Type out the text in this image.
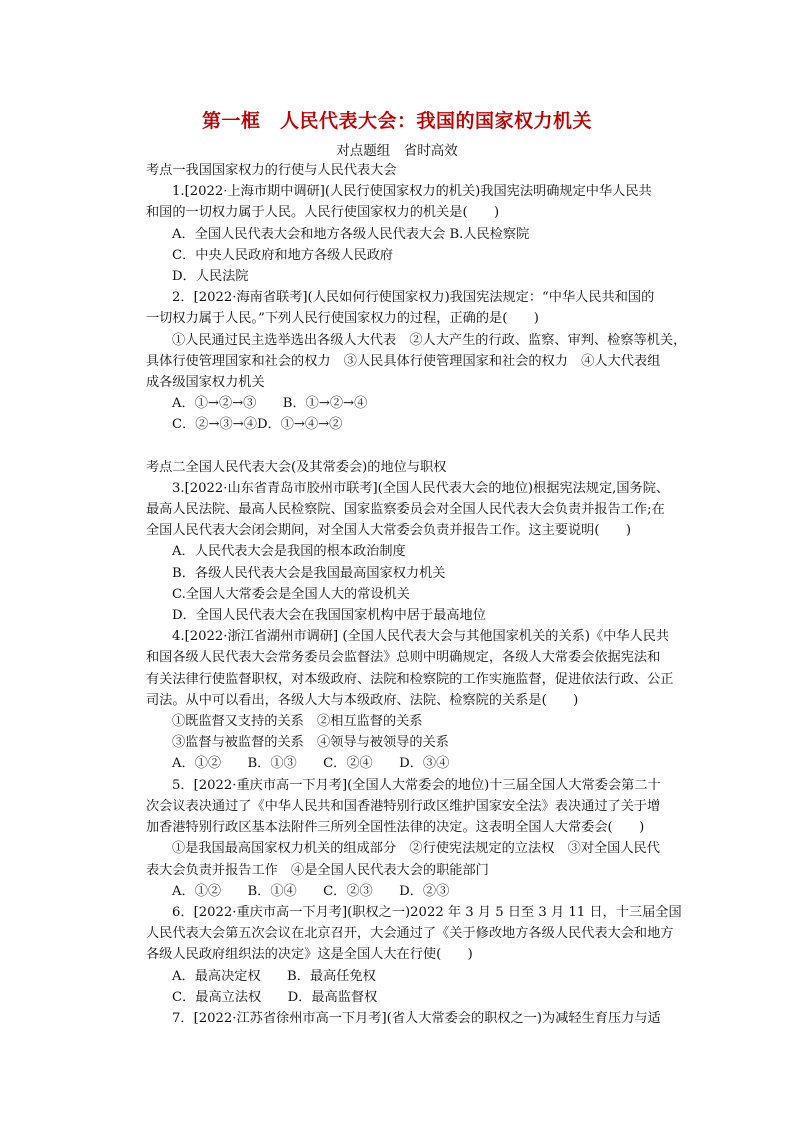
第一框　人民代表大会：我国的国家权力机关
对点题组　省时高效
考点一我国国家权力的行使与人民代表大会
1.[2022·上海市期中调研](人民行使国家权力的机关)我国宪法明确规定中华人民共
和国的一切权力属于人民。人民行使国家权力的机关是(　　)
A．全国人民代表大会和地方各级人民代表大会 B.人民检察院
C．中央人民政府和地方各级人民政府
D．人民法院
2．[2022·海南省联考](人民如何行使国家权力)我国宪法规定：“中华人民共和国的
一切权力属于人民。”下列人民行使国家权力的过程，正确的是(　　)
①人民通过民主选举选出各级人大代表　②人大产生的行政、监察、审判、检察等机关，
具体行使管理国家和社会的权力　③人民具体行使管理国家和社会的权力　④人大代表组
成各级国家权力机关
A．①→②→③　　B．①→②→④
C．②→③→④D．①→④→②
考点二全国人民代表大会(及其常委会)的地位与职权
3.[2022·山东省青岛市胶州市联考](全国人民代表大会的地位)根据宪法规定,国务院、
最高人民法院、最高人民检察院、国家监察委员会对全国人民代表大会负责并报告工作;在
全国人民代表大会闭会期间，对全国人大常委会负责并报告工作。这主要说明(　　)
A．人民代表大会是我国的根本政治制度
B．各级人民代表大会是我国最高国家权力机关
C.全国人大常委会是全国人大的常设机关
D．全国人民代表大会在我国国家机构中居于最高地位
4.[2022·浙江省湖州市调研] (全国人民代表大会与其他国家机关的关系)《中华人民共
和国各级人民代表大会常务委员会监督法》总则中明确规定，各级人大常委会依据宪法和
有关法律行使监督职权，对本级政府、法院和检察院的工作实施监督，促进依法行政、公正
司法。从中可以看出，各级人大与本级政府、法院、检察院的关系是(　　)
①既监督又支持的关系　②相互监督的关系
③监督与被监督的关系　④领导与被领导的关系
A．①②　　B．①③　　C．②④　　D．③④
5．[2022·重庆市高一下月考](全国人大常委会的地位)十三届全国人大常委会第二十
次会议表决通过了《中华人民共和国香港特别行政区维护国家安全法》表决通过了关于增
加香港特别行政区基本法附件三所列全国性法律的决定。这表明全国人大常委会(　　)
①是我国最高国家权力机关的组成部分　②行使宪法规定的立法权　③对全国人民代
表大会负责并报告工作　④是全国人民代表大会的职能部门
A．①②　　B．①④　　C．②③　　D．②③
6．[2022·重庆市高一下月考](职权之一)2022 年 3 月 5 日至 3 月 11 日，十三届全国
人民代表大会第五次会议在北京召开，大会通过了《关于修改地方各级人民代表大会和地方
各级人民政府组织法的决定》这是全国人大在行使(　　)
A．最高决定权　　B．最高任免权
C．最高立法权　　D．最高监督权
7．[2022·江苏省徐州市高一下月考](省人大常委会的职权之一)为减轻生育压力与适
